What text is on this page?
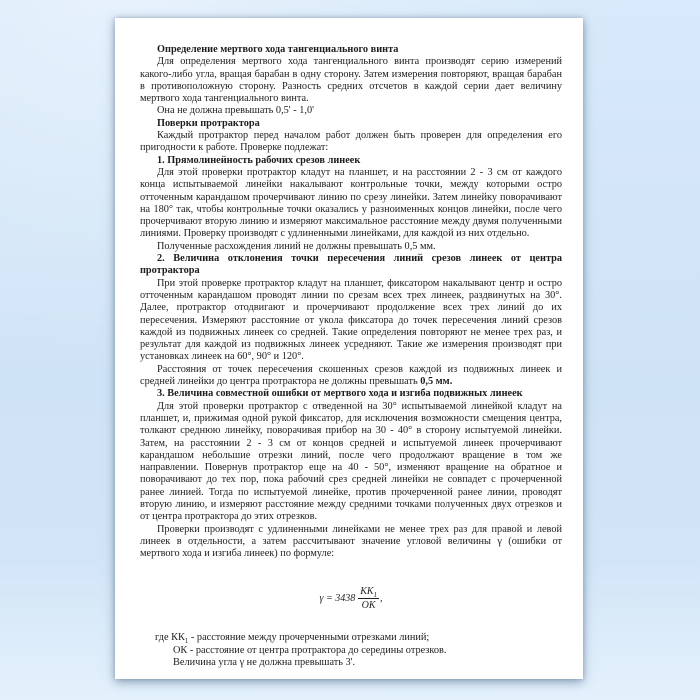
Определение мертвого хода тангенциального винта

Для определения мертвого хода тангенциального винта производят серию измерений какого-либо угла, вращая барабан в одну сторону. Затем измерения повторяют, вращая барабан в противоположную сторону. Разность средних отсчетов в каждой серии дает величину мертвого хода тангенциального винта.

Она не должна превышать 0,5' - 1,0'

Поверки протрактора

Каждый протрактор перед началом работ должен быть проверен для определения его пригодности к работе. Проверке подлежат:

1. Прямолинейность рабочих срезов линеек

Для этой проверки протрактор кладут на планшет, и на расстоянии 2 - 3 см от каждого конца испытываемой линейки накалывают контрольные точки, между которыми остро отточенным карандашом прочерчивают линию по срезу линейки. Затем линейку поворачивают на 180° так, чтобы контрольные точки оказались у разноименных концов линейки, после чего прочерчивают вторую линию и измеряют максимальное расстояние между двумя полученными линиями. Проверку производят с удлиненными линейками, для каждой из них отдельно.

Полученные расхождения линий не должны превышать 0,5 мм.

2. Величина отклонения точки пересечения линий срезов линеек от центра протрактора

При этой проверке протрактор кладут на планшет, фиксатором накалывают центр и остро отточенным карандашом проводят линии по срезам всех трех линеек, раздвинутых на 30°. Далее, протрактор отодвигают и прочерчивают продолжение всех трех линий до их пересечения. Измеряют расстояние от укола фиксатора до точек пересечения линий срезов каждой из подвижных линеек со средней. Такие определения повторяют не менее трех раз, и результат для каждой из подвижных линеек усредняют. Такие же измерения производят при установках линеек на 60°, 90° и 120°.

Расстояния от точек пересечения скошенных срезов каждой из подвижных линеек и средней линейки до центра протрактора не должны превышать 0,5 мм.

3. Величина совместной ошибки от мертвого хода и изгиба подвижных линеек

Для этой проверки протрактор с отведенной на 30° испытываемой линейкой кладут на планшет, и, прижимая одной рукой фиксатор, для исключения возможности смещения центра, толкают среднюю линейку, поворачивая прибор на 30 - 40° в сторону испытуемой линейки. Затем, на расстоянии 2 - 3 см от концов средней и испытуемой линеек прочерчивают карандашом небольшие отрезки линий, после чего продолжают вращение в том же направлении. Повернув протрактор еще на 40 - 50°, изменяют вращение на обратное и поворачивают до тех пор, пока рабочий срез средней линейки не совпадет с прочерченной ранее линией. Тогда по испытуемой линейке, против прочерченной ранее линии, проводят вторую линию, и измеряют расстояние между средними точками полученных двух отрезков и от центра протрактора до этих отрезков.

Проверки производят с удлиненными линейками не менее трех раз для правой и левой линеек в отдельности, а затем рассчитывают значение угловой величины γ (ошибки от мертвого хода и изгиба линеек) по формуле:

$\gamma = 3438 \frac{КК_1}{ОК}$ ,

где $КК_1$ - расстояние между прочерченными отрезками линий;

ОК - расстояние от центра протрактора до середины отрезков.

Величина угла γ не должна превышать 3'.
